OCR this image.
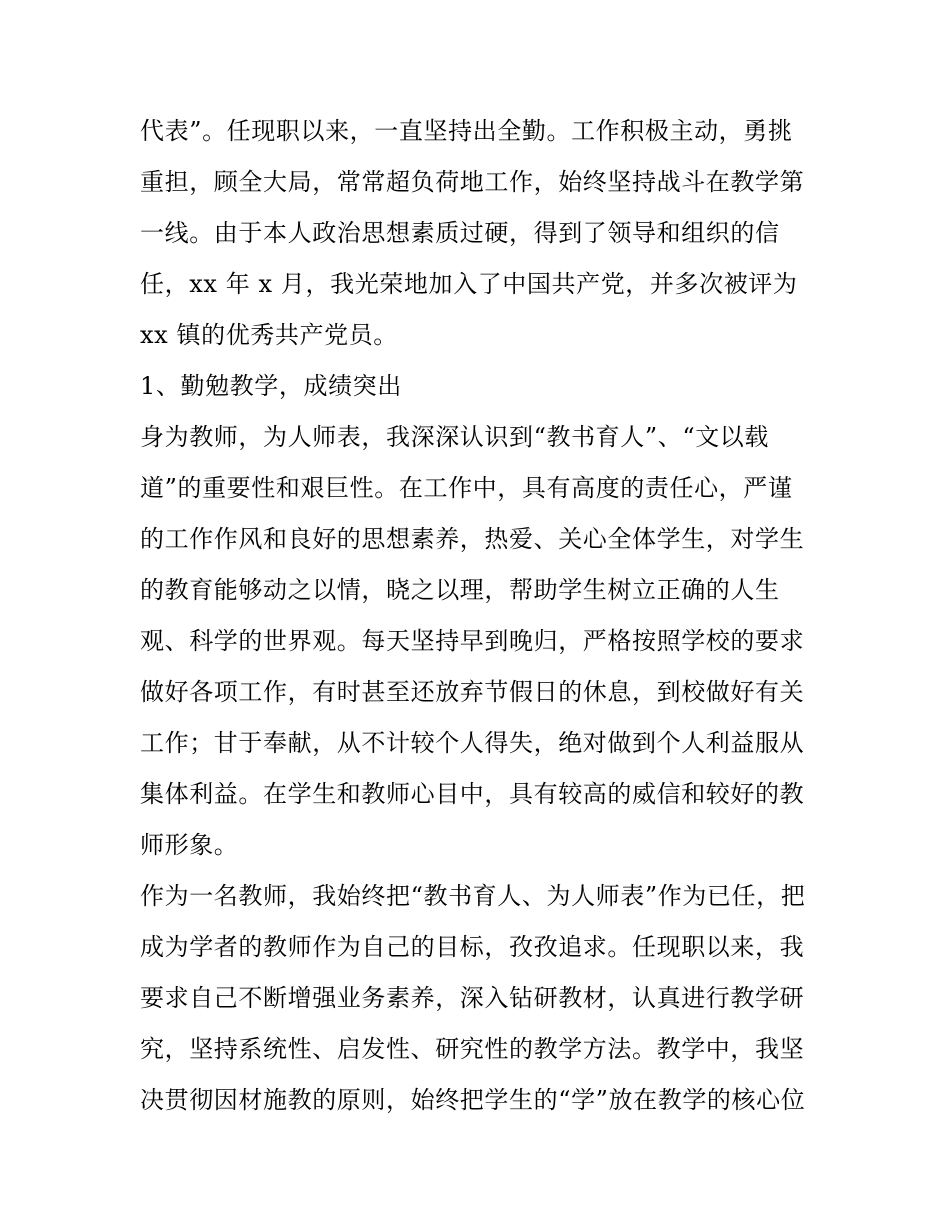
代表”。任现职以来，一直坚持出全勤。工作积极主动，勇挑
重担，顾全大局，常常超负荷地工作，始终坚持战斗在教学第
一线。由于本人政治思想素质过硬，得到了领导和组织的信
任，xx 年 x 月，我光荣地加入了中国共产党，并多次被评为
xx 镇的优秀共产党员。
1、勤勉教学，成绩突出
身为教师，为人师表，我深深认识到“教书育人”、“文以载
道”的重要性和艰巨性。在工作中，具有高度的责任心，严谨
的工作作风和良好的思想素养，热爱、关心全体学生，对学生
的教育能够动之以情，晓之以理，帮助学生树立正确的人生
观、科学的世界观。每天坚持早到晚归，严格按照学校的要求
做好各项工作，有时甚至还放弃节假日的休息，到校做好有关
工作；甘于奉献，从不计较个人得失，绝对做到个人利益服从
集体利益。在学生和教师心目中，具有较高的威信和较好的教
师形象。
作为一名教师，我始终把“教书育人、为人师表”作为已任，把
成为学者的教师作为自己的目标，孜孜追求。任现职以来，我
要求自己不断增强业务素养，深入钻研教材，认真进行教学研
究，坚持系统性、启发性、研究性的教学方法。教学中，我坚
决贯彻因材施教的原则，始终把学生的“学”放在教学的核心位
